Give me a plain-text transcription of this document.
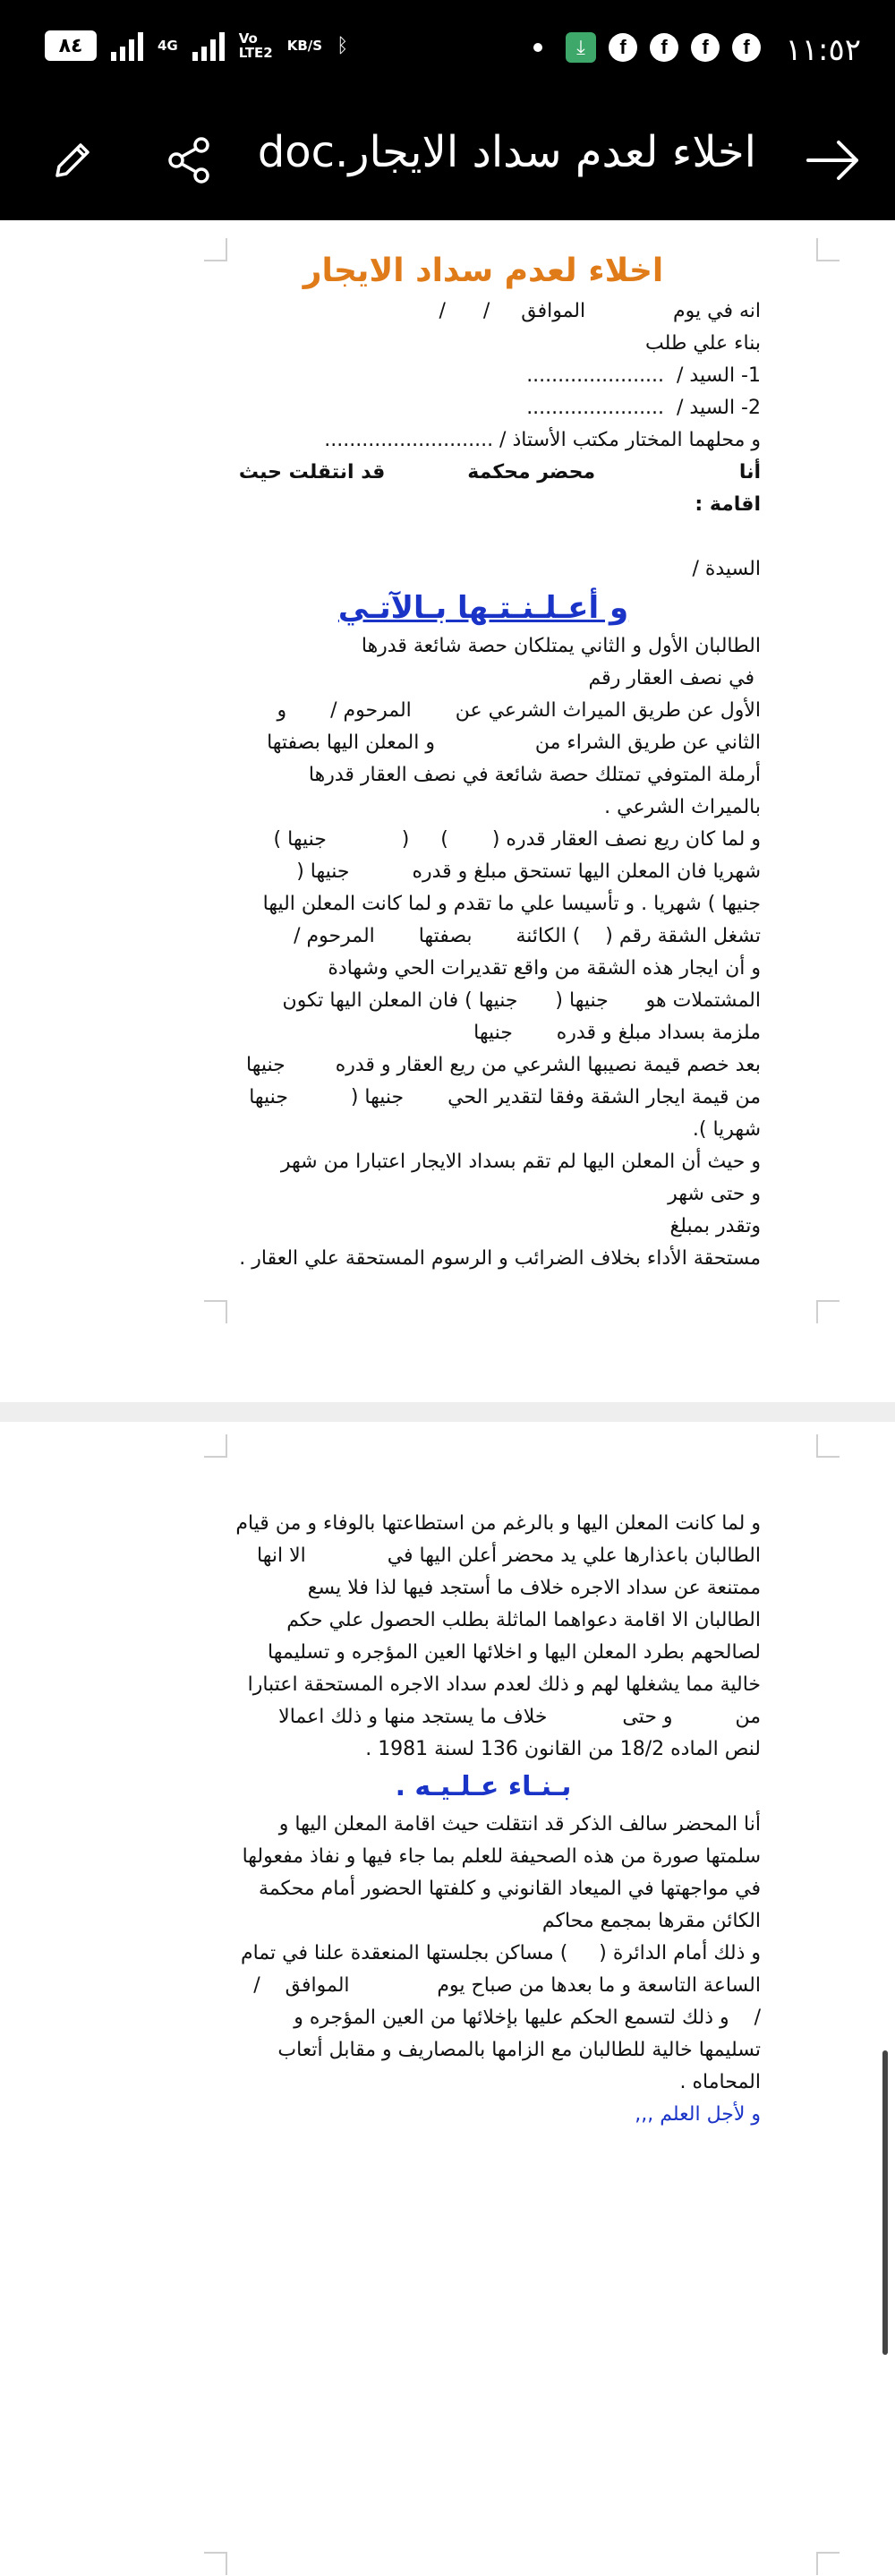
٨٤	4G	Vo
LTE2 KB/S ᛒ	⤓	f	f	f	f	١١:٥٢
اخلاء لعدم سداد الايجار.doc
اخلاء لعدم سداد الايجار

انه في يوم              الموافق     /      /

بناء علي طلب

1- السيد /  ......................

2- السيد /  ......................

و محلهما المختار مكتب الأستاذ / ...........................

أنا                     محضر محكمة            قد انتقلت حيث

اقامة :

السيدة /

و أعـلـنـتـها بـالآتـي

الطالبان الأول و الثاني يمتلكان حصة شائعة قدرها

في نصف العقار رقم

الأول عن طريق الميراث الشرعي عن       المرحوم /       و

الثاني عن طريق الشراء من                و المعلن اليها بصفتها

أرملة المتوفي تمتلك حصة شائعة في نصف العقار قدرها

بالميراث الشرعي .

و لما كان ريع نصف العقار قدره (       )     (            جنيها )

شهريا فان المعلن اليها تستحق مبلغ و قدره          جنيها (

جنيها ) شهريا . و تأسيسا علي ما تقدم و لما كانت المعلن اليها

تشغل الشقة رقم (    ) الكائنة       بصفتها       المرحوم /

و أن ايجار هذه الشقة من واقع تقديرات الحي وشهادة

المشتملات هو      جنيها (      جنيها ) فان المعلن اليها تكون

ملزمة بسداد مبلغ و قدره       جنيها

بعد خصم قيمة نصيبها الشرعي من ريع العقار و قدره        جنيها

من قيمة ايجار الشقة وفقا لتقدير الحي       جنيها (          جنيها

شهريا ).

و حيث أن المعلن اليها لم تقم بسداد الايجار اعتبارا من شهر

و حتى شهر

وتقدر بمبلغ

مستحقة الأداء بخلاف الضرائب و الرسوم المستحقة علي العقار .

و لما كانت المعلن اليها و بالرغم من استطاعتها بالوفاء و من قيام

الطالبان باعذارها علي يد محضر أعلن اليها في             الا انها

ممتنعة عن سداد الاجره خلاف ما أستجد فيها لذا فلا يسع

الطالبان الا اقامة دعواهما الماثلة بطلب الحصول علي حكم

لصالحهم بطرد المعلن اليها و اخلائها العين المؤجره و تسليمها

خالية مما يشغلها لهم و ذلك لعدم سداد الاجره المستحقة اعتبارا

من          و حتى            خلاف ما يستجد منها و ذلك اعمالا

لنص الماده 18/2 من القانون 136 لسنة 1981 .

بـنـاء عـلـيـه .

أنا المحضر سالف الذكر قد انتقلت حيث اقامة المعلن اليها و

سلمتها صورة من هذه الصحيفة للعلم بما جاء فيها و نفاذ مفعولها

في مواجهتها في الميعاد القانوني و كلفتها الحضور أمام محكمة

الكائن مقرها بمجمع محاكم

و ذلك أمام الدائرة (     ) مساكن بجلستها المنعقدة علنا في تمام

الساعة التاسعة و ما بعدها من صباح يوم              الموافق    /

/    و ذلك لتسمع الحكم عليها بإخلائها من العين المؤجره و

تسليمها خالية للطالبان مع الزامها بالمصاريف و مقابل أتعاب

المحاماه .

و لأجل العلم ,,,
